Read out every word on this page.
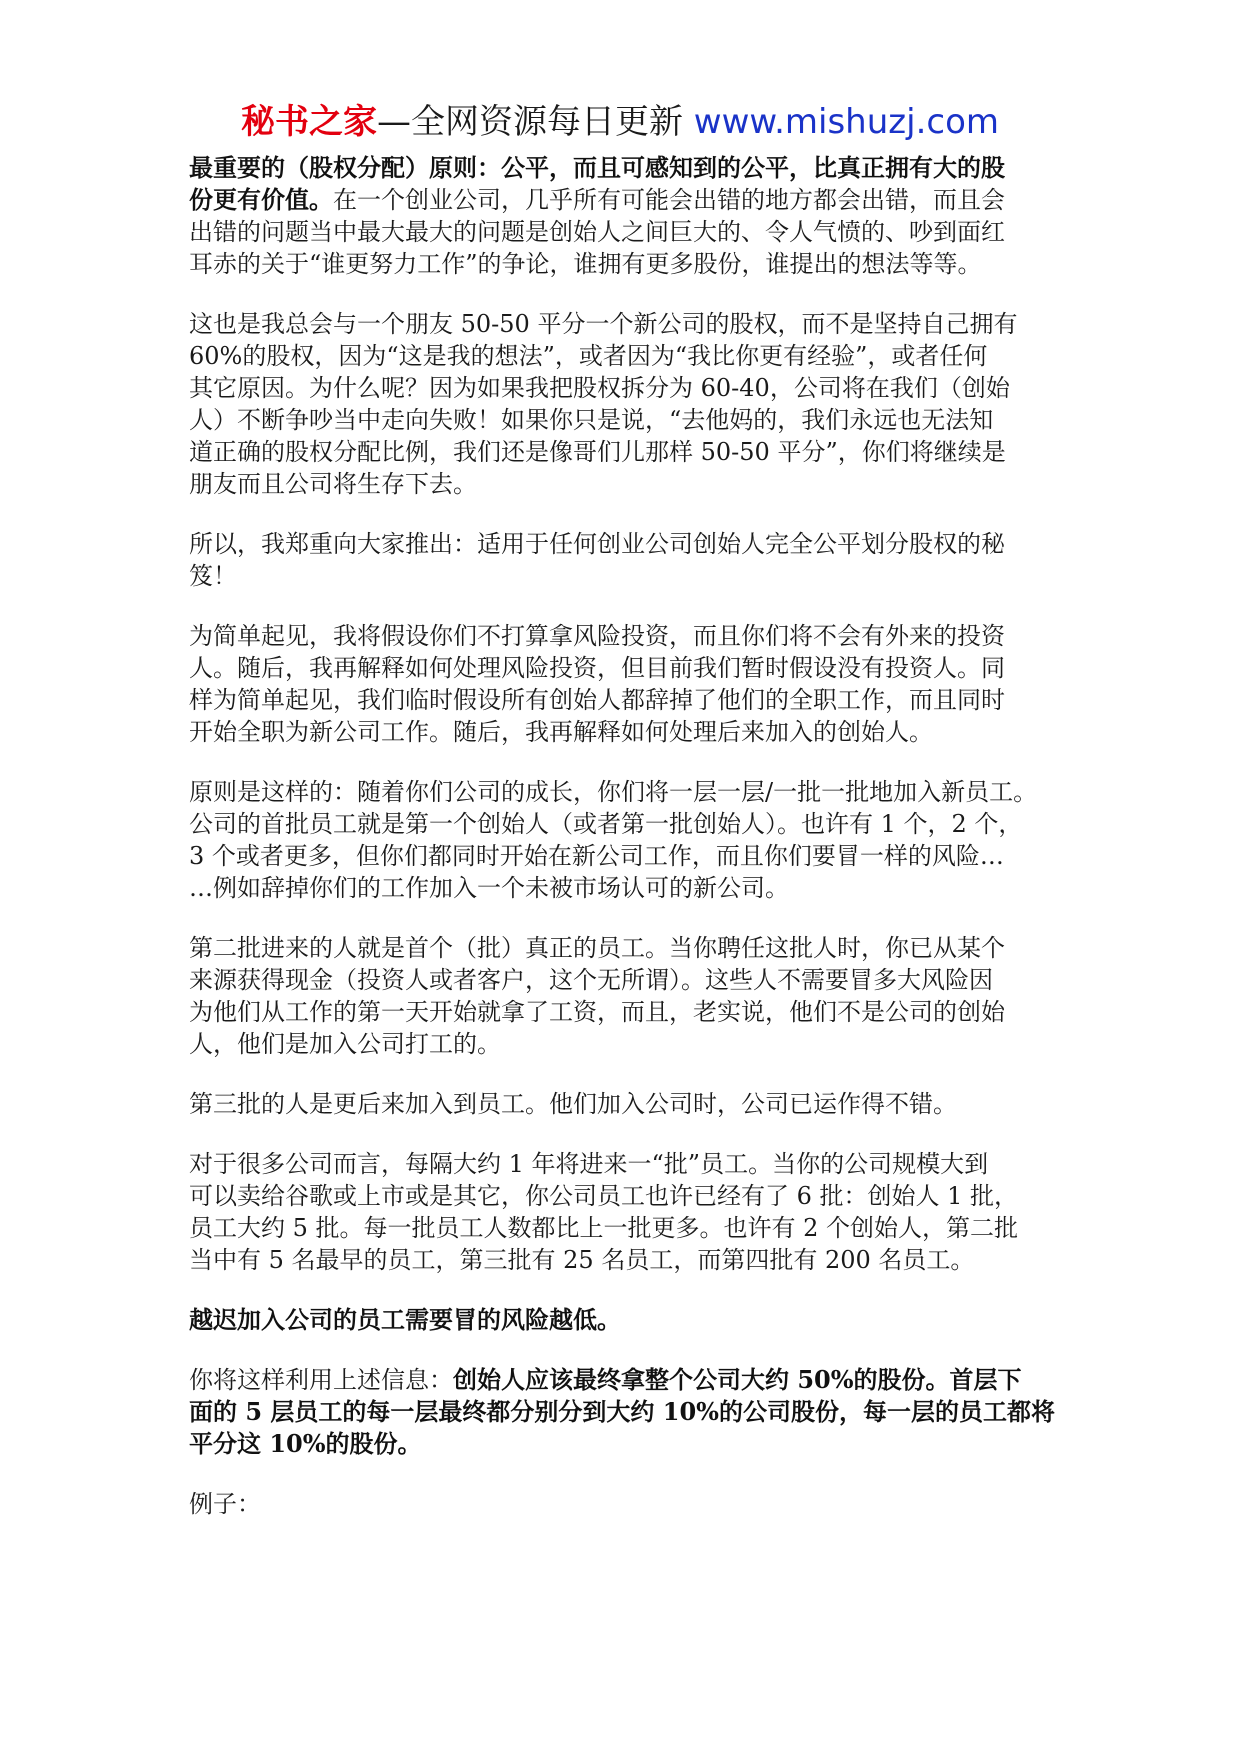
秘书之家—全网资源每日更新 www.mishuzj.com

最重要的（股权分配）原则：公平，而且可感知到的公平，比真正拥有大的股
份更有价值。在一个创业公司，几乎所有可能会出错的地方都会出错，而且会
出错的问题当中最大最大的问题是创始人之间巨大的、令人气愤的、吵到面红
耳赤的关于“谁更努力工作”的争论，谁拥有更多股份，谁提出的想法等等。

这也是我总会与一个朋友 50-50 平分一个新公司的股权，而不是坚持自己拥有
60%的股权，因为“这是我的想法”，或者因为“我比你更有经验”，或者任何
其它原因。为什么呢？因为如果我把股权拆分为 60-40，公司将在我们（创始
人）不断争吵当中走向失败！如果你只是说，“去他妈的，我们永远也无法知
道正确的股权分配比例，我们还是像哥们儿那样 50-50 平分”，你们将继续是
朋友而且公司将生存下去。

所以，我郑重向大家推出：适用于任何创业公司创始人完全公平划分股权的秘
笈！

为简单起见，我将假设你们不打算拿风险投资，而且你们将不会有外来的投资
人。随后，我再解释如何处理风险投资，但目前我们暂时假设没有投资人。同
样为简单起见，我们临时假设所有创始人都辞掉了他们的全职工作，而且同时
开始全职为新公司工作。随后，我再解释如何处理后来加入的创始人。

原则是这样的：随着你们公司的成长，你们将一层一层/一批一批地加入新员工。
公司的首批员工就是第一个创始人（或者第一批创始人）。也许有 1 个，2 个，
3 个或者更多，但你们都同时开始在新公司工作，而且你们要冒一样的风险…
…例如辞掉你们的工作加入一个未被市场认可的新公司。

第二批进来的人就是首个（批）真正的员工。当你聘任这批人时，你已从某个
来源获得现金（投资人或者客户，这个无所谓）。这些人不需要冒多大风险因
为他们从工作的第一天开始就拿了工资，而且，老实说，他们不是公司的创始
人，他们是加入公司打工的。

第三批的人是更后来加入到员工。他们加入公司时，公司已运作得不错。

对于很多公司而言，每隔大约 1 年将进来一“批”员工。当你的公司规模大到
可以卖给谷歌或上市或是其它，你公司员工也许已经有了 6 批：创始人 1 批，
员工大约 5 批。每一批员工人数都比上一批更多。也许有 2 个创始人，第二批
当中有 5 名最早的员工，第三批有 25 名员工，而第四批有 200 名员工。

越迟加入公司的员工需要冒的风险越低。

你将这样利用上述信息：创始人应该最终拿整个公司大约 50%的股份。首层下
面的 5 层员工的每一层最终都分别分到大约 10%的公司股份，每一层的员工都将
平分这 10%的股份。

例子：
